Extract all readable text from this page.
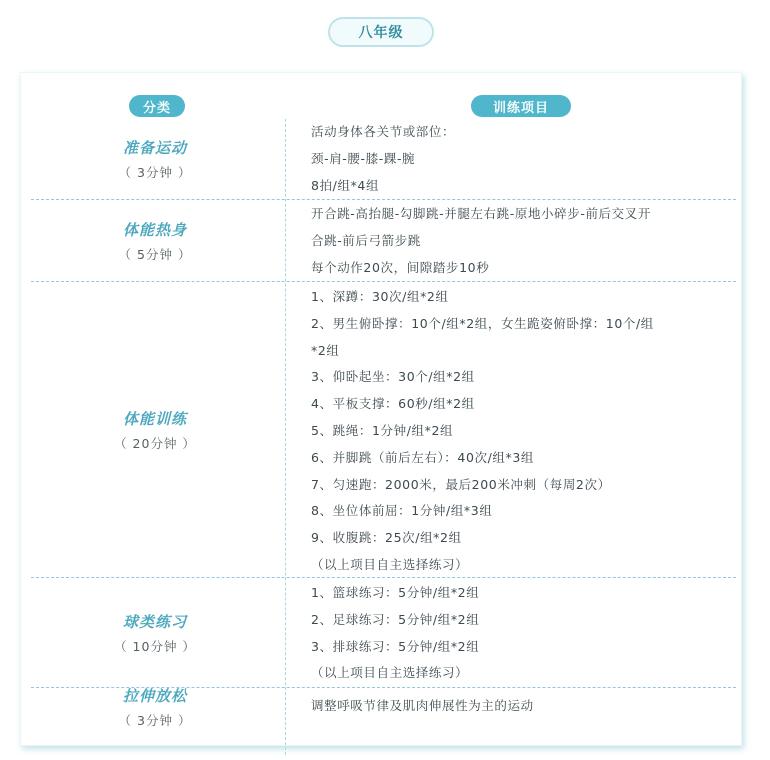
八年级
分类	训练项目
准备运动
（ 3分钟 ）
活动身体各关节或部位：
颈-肩-腰-膝-踝-腕
8拍/组*4组
体能热身
（ 5分钟 ）
开合跳-高抬腿-勾脚跳-并腿左右跳-原地小碎步-前后交叉开
合跳-前后弓箭步跳
每个动作20次，间隙踏步10秒
体能训练
（ 20分钟 ）
1、深蹲：30次/组*2组
2、男生俯卧撑：10个/组*2组，女生跪姿俯卧撑：10个/组
*2组
3、仰卧起坐：30个/组*2组
4、平板支撑：60秒/组*2组
5、跳绳：1分钟/组*2组
6、并脚跳（前后左右）：40次/组*3组
7、匀速跑：2000米，最后200米冲刺（每周2次）
8、坐位体前屈：1分钟/组*3组
9、收腹跳：25次/组*2组
（以上项目自主选择练习）
球类练习
（ 10分钟 ）
1、篮球练习：5分钟/组*2组
2、足球练习：5分钟/组*2组
3、排球练习：5分钟/组*2组
（以上项目自主选择练习）
拉伸放松
（ 3分钟 ）
调整呼吸节律及肌肉伸展性为主的运动
